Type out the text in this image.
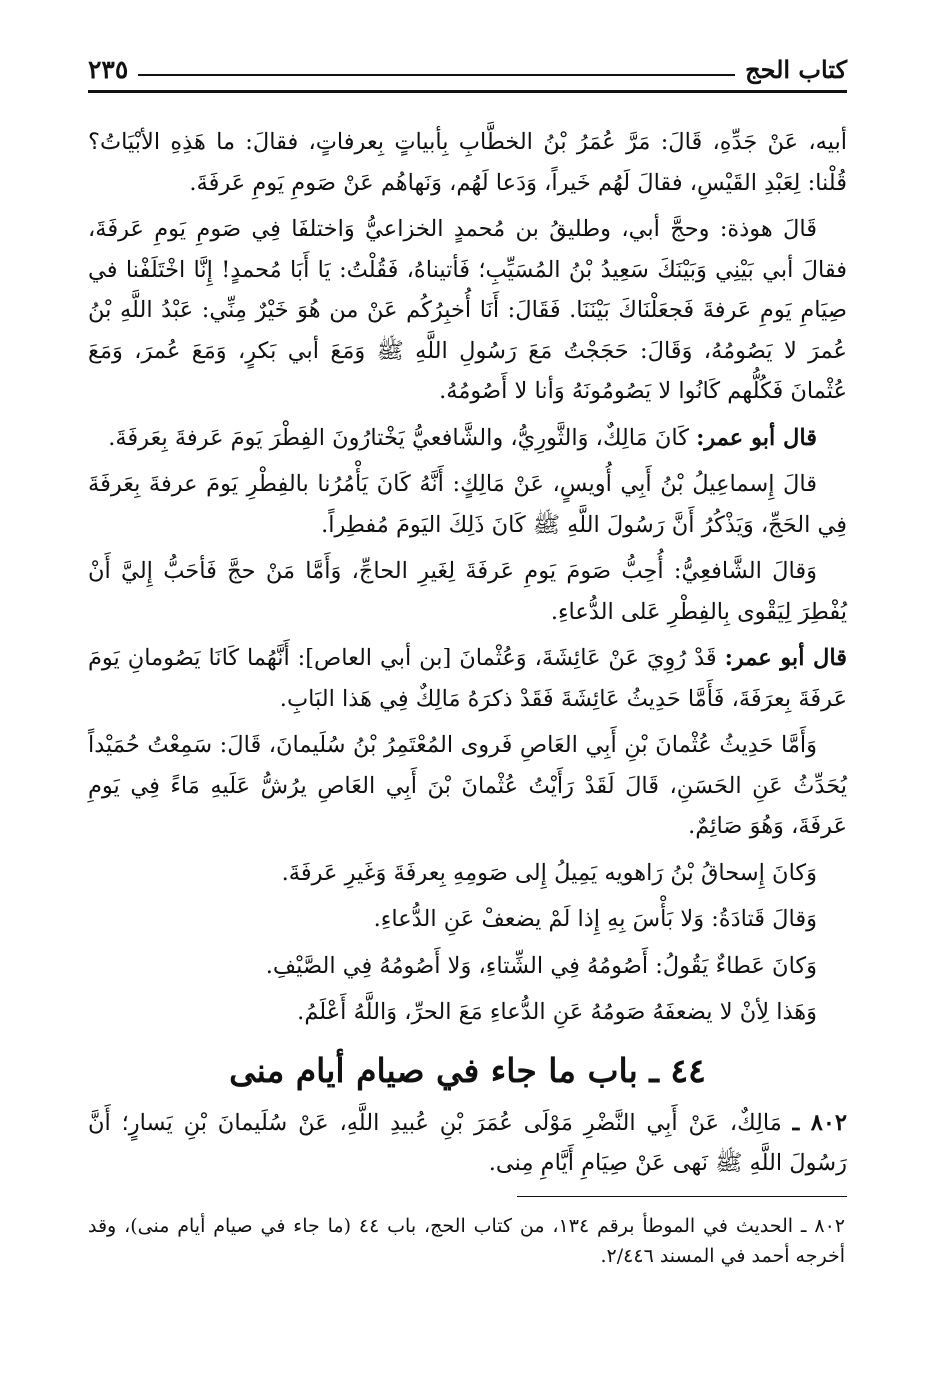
كتاب الحج
٢٣٥

أبيه، عَنْ جَدِّهِ، قَالَ: مَرَّ عُمَرُ بْنُ الخطَّابِ بِأبياتٍ بِعرفاتٍ، فقالَ: ما هَذِهِ الأبْيَاتُ؟ قُلْنا: لِعَبْدِ القَيْسِ، فقالَ لَهُم خَيراً، وَدَعا لَهُم، وَنَهاهُم عَنْ صَومِ يَومِ عَرفَةَ.

قَالَ هوذة: وحجَّ أبي، وطليقُ بن مُحمدٍ الخزاعيُّ وَاختلفَا فِي صَومِ يَومِ عَرفَةَ، فقالَ أبي بَيْنِي وَبَيْنَكَ سَعِيدُ بْنُ المُسَيِّبِ؛ فَأتيناهُ، فَقُلْتُ: يَا أَبَا مُحمدٍ! إِنَّا اخْتَلَفْنا في صِيَامِ يَومِ عَرفةَ فَجعَلْنَاكَ بَيْنَنَا. فَقَالَ: أَنَا أُخبِرُكُم عَنْ من هُوَ خَيْرٌ مِنِّي: عَبْدُ اللَّهِ بْنُ عُمرَ لا يَصُومُهُ، وَقَالَ: حَجَجْتُ مَعَ رَسُولِ اللَّهِ ﷺ وَمَعَ أبي بَكرٍ، وَمَعَ عُمرَ، وَمَعَ عُثْمانَ فَكُلُّهم كَانُوا لا يَصُومُونَهُ وَأنا لا أَصُومُهُ.

قال أبو عمر: كَانَ مَالِكٌ، وَالثَّورِيُّ، والشَّافعيُّ يَخْتارُونَ الفِطْرَ يَومَ عَرفةَ بِعَرفَةَ.

قالَ إِسماعِيلُ بْنُ أَبِي أُويسٍ، عَنْ مَالِكٍ: أَنَّهُ كَانَ يَأْمُرُنا بالفِطْرِ يَومَ عرفةَ بِعَرفَةَ فِي الحَجِّ، وَيَذْكُرُ أَنَّ رَسُولَ اللَّهِ ﷺ كَانَ ذَلِكَ اليَومَ مُفطِراً.

وَقالَ الشَّافعِيُّ: أُحِبُّ صَومَ يَومِ عَرفَةَ لِغَيرِ الحاجِّ، وَأَمَّا مَنْ حجَّ فَأحَبُّ إِليَّ أَنْ يُفْطِرَ لِيَقْوى بِالفِطْرِ عَلى الدُّعاءِ.

قال أبو عمر: قَدْ رُوِيَ عَنْ عَائِشَةَ، وَعُثْمانَ [بن أبي العاص]: أَنَّهُما كَانَا يَصُومانِ يَومَ عَرفَةَ بِعرَفَةَ، فَأَمَّا حَدِيثُ عَائِشَةَ فَقَدْ ذكرَهُ مَالِكٌ فِي هَذا البَابِ.

وَأَمَّا حَدِيثُ عُثْمانَ بْنِ أَبِي العَاصِ فَروى المُعْتَمِرُ بْنُ سُلَيمانَ، قَالَ: سَمِعْتُ حُمَيْداً يُحَدِّثُ عَنِ الحَسَنِ، قَالَ لَقَدْ رَأَيْتُ عُثْمانَ بْنَ أَبِي العَاصِ يرُشُّ عَلَيهِ مَاءً فِي يَومِ عَرفَةَ، وَهُوَ صَائِمٌ.

وَكانَ إِسحاقُ بْنُ رَاهويه يَمِيلُ إِلى صَومِهِ بِعرفَةَ وَغَيرِ عَرفَةَ.

وَقالَ قَتادَةُ: وَلا بَأْسَ بِهِ إِذا لَمْ يضعفْ عَنِ الدُّعاءِ.

وَكانَ عَطاءٌ يَقُولُ: أَصُومُهُ فِي الشِّتاءِ، وَلا أَصُومُهُ فِي الصَّيْفِ.

وَهَذا لِأنْ لا يضعفَهُ صَومُهُ عَنِ الدُّعاءِ مَعَ الحرِّ، وَاللَّهُ أَعْلَمُ.

٤٤ ـ باب ما جاء في صيام أيام منى

٨٠٢ ـ مَالِكٌ، عَنْ أَبِي النَّضْرِ مَوْلَى عُمَرَ بْنِ عُبيدِ اللَّهِ، عَنْ سُلَيمانَ بْنِ يَسارٍ؛ أَنَّ رَسُولَ اللَّهِ ﷺ نَهى عَنْ صِيَامِ أَيَّامِ مِنى.

٨٠٢ ـ الحديث في الموطأ برقم ١٣٤، من كتاب الحج، باب ٤٤ (ما جاء في صيام أيام منى)، وقد أخرجه أحمد في المسند ٢/٤٤٦.
